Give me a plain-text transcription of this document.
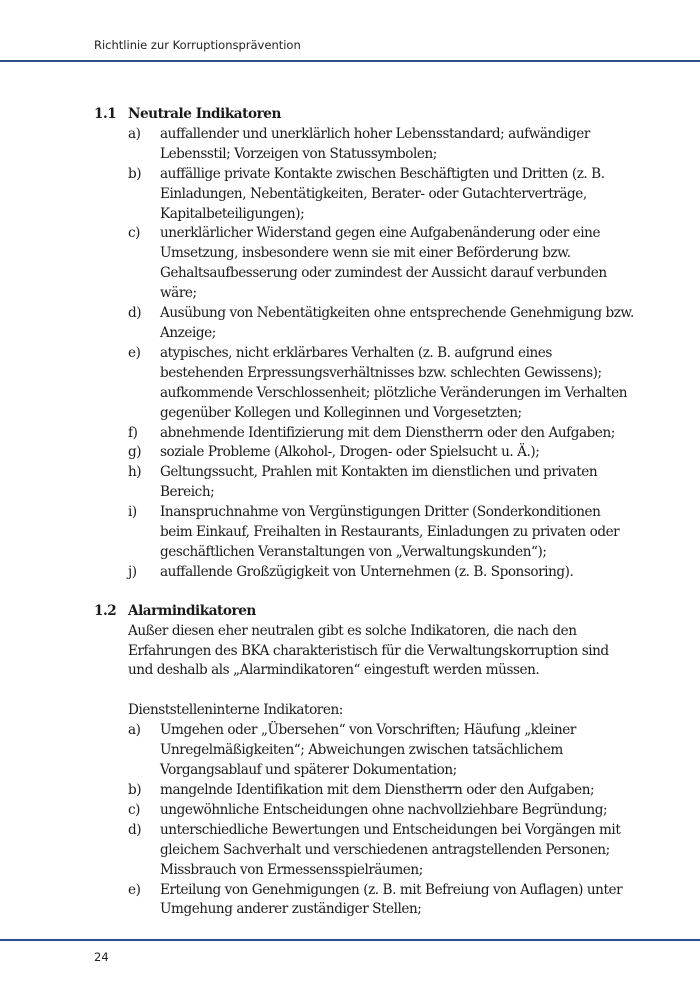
Richtlinie zur Korruptionsprävention
1.1 Neutrale Indikatoren
a)	auffallender und unerklärlich hoher Lebensstandard; aufwändiger Lebensstil; Vorzeigen von Statussymbolen;
b)	auffällige private Kontakte zwischen Beschäftigten und Dritten (z. B. Einladungen, Nebentätigkeiten, Berater- oder Gutachterverträge, Kapitalbeteiligungen);
c)	unerklärlicher Widerstand gegen eine Aufgabenänderung oder eine Umsetzung, insbesondere wenn sie mit einer Beförderung bzw. Gehaltsaufbesserung oder zumindest der Aussicht darauf verbunden wäre;
d)	Ausübung von Nebentätigkeiten ohne entsprechende Genehmigung bzw. Anzeige;
e)	atypisches, nicht erklärbares Verhalten (z. B. aufgrund eines bestehenden Erpressungsverhältnisses bzw. schlechten Gewissens); aufkommende Verschlossenheit; plötzliche Veränderungen im Verhalten gegenüber Kollegen und Kolleginnen und Vorgesetzten;
f)	abnehmende Identifizierung mit dem Dienstherrn oder den Aufgaben;
g)	soziale Probleme (Alkohol-, Drogen- oder Spielsucht u. Ä.);
h)	Geltungssucht, Prahlen mit Kontakten im dienstlichen und privaten Bereich;
i)	Inanspruchnahme von Vergünstigungen Dritter (Sonderkonditionen beim Einkauf, Freihalten in Restaurants, Einladungen zu privaten oder geschäftlichen Veranstaltungen von „Verwaltungskunden“);
j)	auffallende Großzügigkeit von Unternehmen (z. B. Sponsoring).
1.2 Alarmindikatoren

Außer diesen eher neutralen gibt es solche Indikatoren, die nach den Erfahrungen des BKA charakteristisch für die Verwaltungskorruption sind und deshalb als „Alarmindikatoren“ eingestuft werden müssen.

Dienststelleninterne Indikatoren:

a)	Umgehen oder „Übersehen“ von Vorschriften; Häufung „kleiner Unregelmäßigkeiten“; Abweichungen zwischen tatsächlichem Vorgangsablauf und späterer Dokumentation;
b)	mangelnde Identifikation mit dem Dienstherrn oder den Aufgaben;
c)	ungewöhnliche Entscheidungen ohne nachvollziehbare Begründung;
d)	unterschiedliche Bewertungen und Entscheidungen bei Vorgängen mit gleichem Sachverhalt und verschiedenen antragstellenden Personen; Missbrauch von Ermessensspielräumen;
e)	Erteilung von Genehmigungen (z. B. mit Befreiung von Auflagen) unter Umgehung anderer zuständiger Stellen;
24
